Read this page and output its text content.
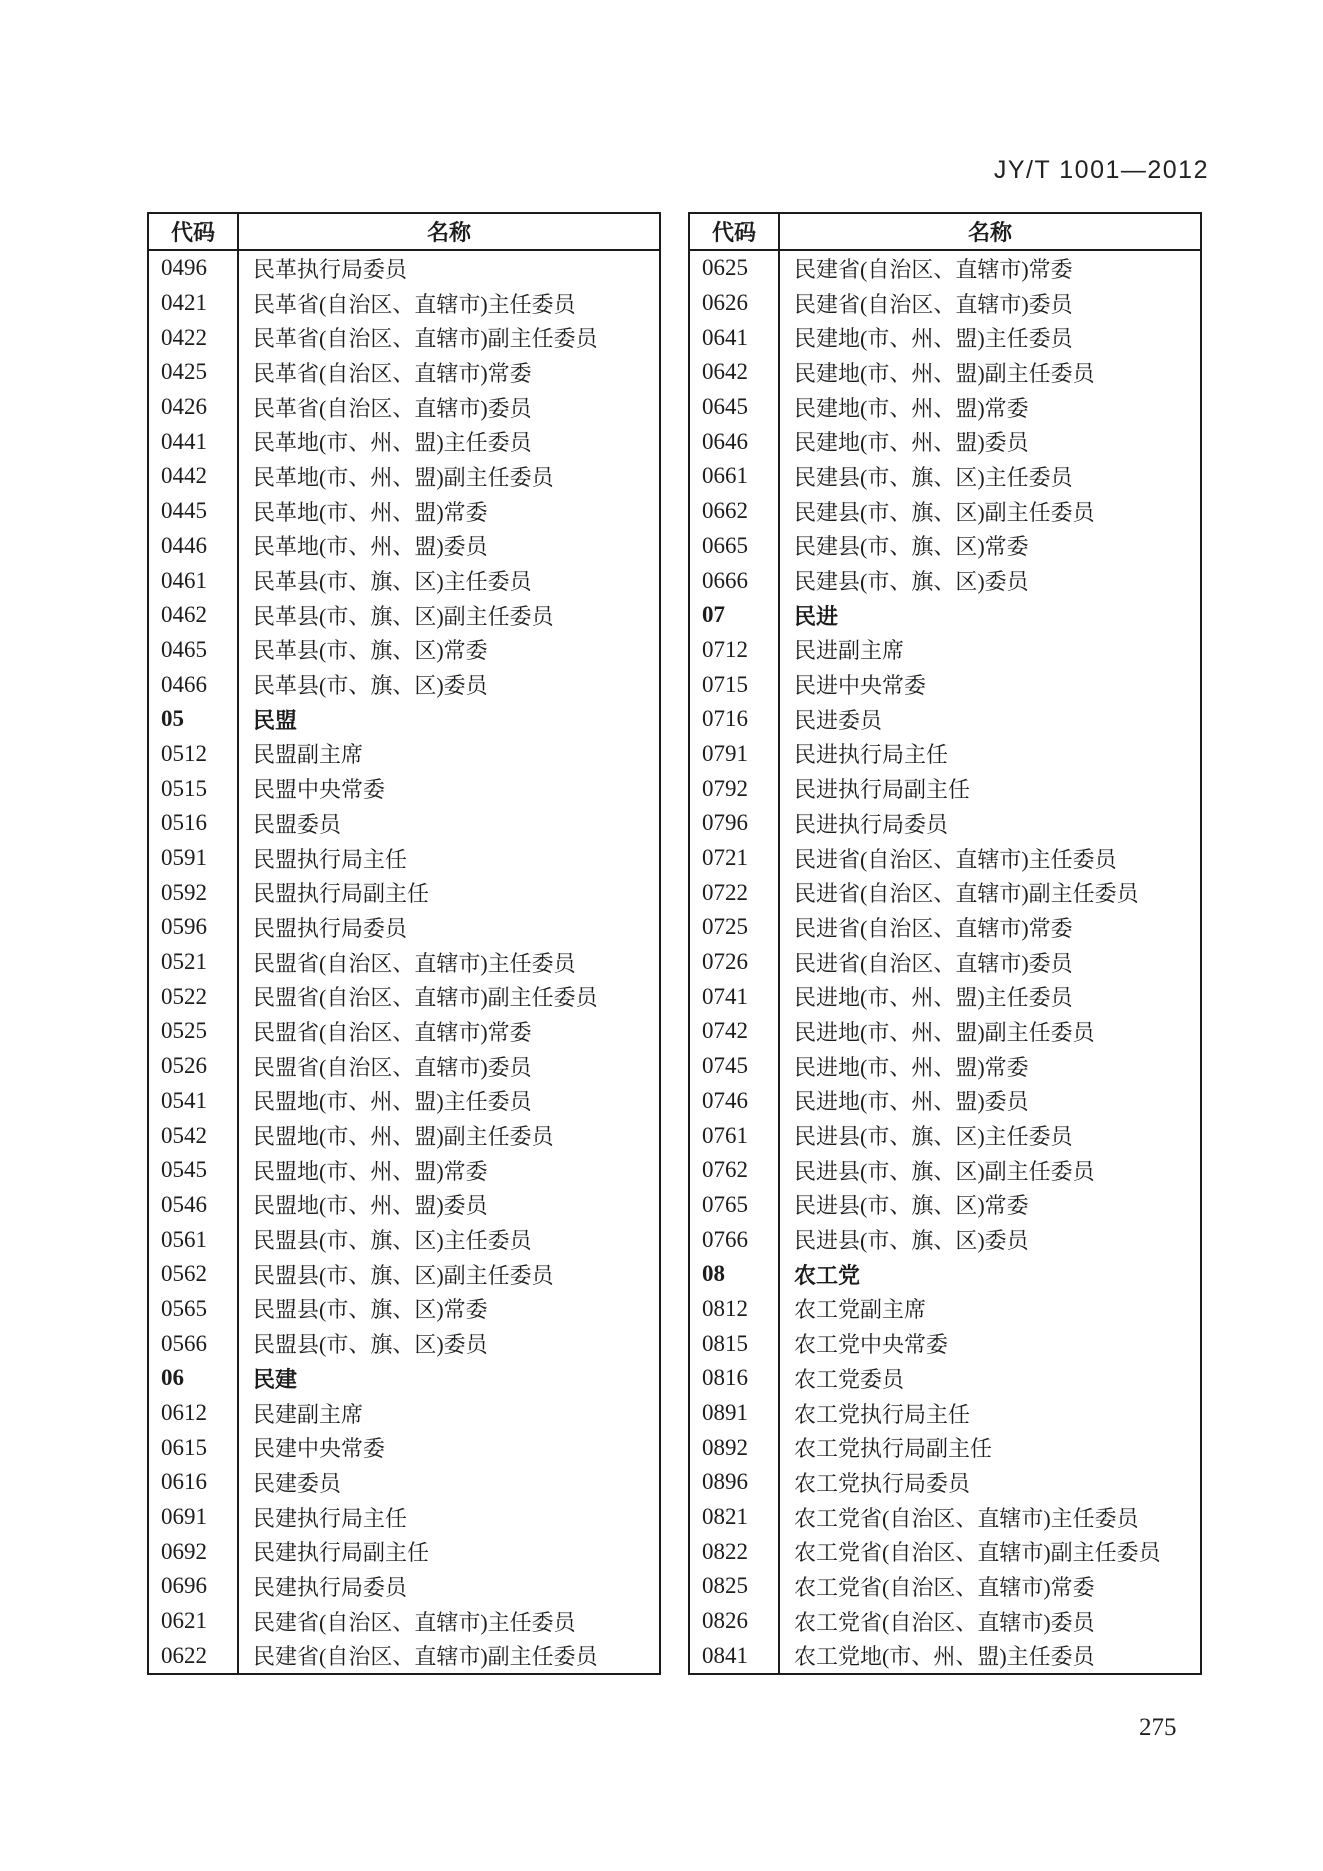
JY/T 1001—2012
代码	名称
0496	民革执行局委员
0421	民革省(自治区、直辖市)主任委员
0422	民革省(自治区、直辖市)副主任委员
0425	民革省(自治区、直辖市)常委
0426	民革省(自治区、直辖市)委员
0441	民革地(市、州、盟)主任委员
0442	民革地(市、州、盟)副主任委员
0445	民革地(市、州、盟)常委
0446	民革地(市、州、盟)委员
0461	民革县(市、旗、区)主任委员
0462	民革县(市、旗、区)副主任委员
0465	民革县(市、旗、区)常委
0466	民革县(市、旗、区)委员
05	民盟
0512	民盟副主席
0515	民盟中央常委
0516	民盟委员
0591	民盟执行局主任
0592	民盟执行局副主任
0596	民盟执行局委员
0521	民盟省(自治区、直辖市)主任委员
0522	民盟省(自治区、直辖市)副主任委员
0525	民盟省(自治区、直辖市)常委
0526	民盟省(自治区、直辖市)委员
0541	民盟地(市、州、盟)主任委员
0542	民盟地(市、州、盟)副主任委员
0545	民盟地(市、州、盟)常委
0546	民盟地(市、州、盟)委员
0561	民盟县(市、旗、区)主任委员
0562	民盟县(市、旗、区)副主任委员
0565	民盟县(市、旗、区)常委
0566	民盟县(市、旗、区)委员
06	民建
0612	民建副主席
0615	民建中央常委
0616	民建委员
0691	民建执行局主任
0692	民建执行局副主任
0696	民建执行局委员
0621	民建省(自治区、直辖市)主任委员
0622	民建省(自治区、直辖市)副主任委员
代码	名称
0625	民建省(自治区、直辖市)常委
0626	民建省(自治区、直辖市)委员
0641	民建地(市、州、盟)主任委员
0642	民建地(市、州、盟)副主任委员
0645	民建地(市、州、盟)常委
0646	民建地(市、州、盟)委员
0661	民建县(市、旗、区)主任委员
0662	民建县(市、旗、区)副主任委员
0665	民建县(市、旗、区)常委
0666	民建县(市、旗、区)委员
07	民进
0712	民进副主席
0715	民进中央常委
0716	民进委员
0791	民进执行局主任
0792	民进执行局副主任
0796	民进执行局委员
0721	民进省(自治区、直辖市)主任委员
0722	民进省(自治区、直辖市)副主任委员
0725	民进省(自治区、直辖市)常委
0726	民进省(自治区、直辖市)委员
0741	民进地(市、州、盟)主任委员
0742	民进地(市、州、盟)副主任委员
0745	民进地(市、州、盟)常委
0746	民进地(市、州、盟)委员
0761	民进县(市、旗、区)主任委员
0762	民进县(市、旗、区)副主任委员
0765	民进县(市、旗、区)常委
0766	民进县(市、旗、区)委员
08	农工党
0812	农工党副主席
0815	农工党中央常委
0816	农工党委员
0891	农工党执行局主任
0892	农工党执行局副主任
0896	农工党执行局委员
0821	农工党省(自治区、直辖市)主任委员
0822	农工党省(自治区、直辖市)副主任委员
0825	农工党省(自治区、直辖市)常委
0826	农工党省(自治区、直辖市)委员
0841	农工党地(市、州、盟)主任委员
275
